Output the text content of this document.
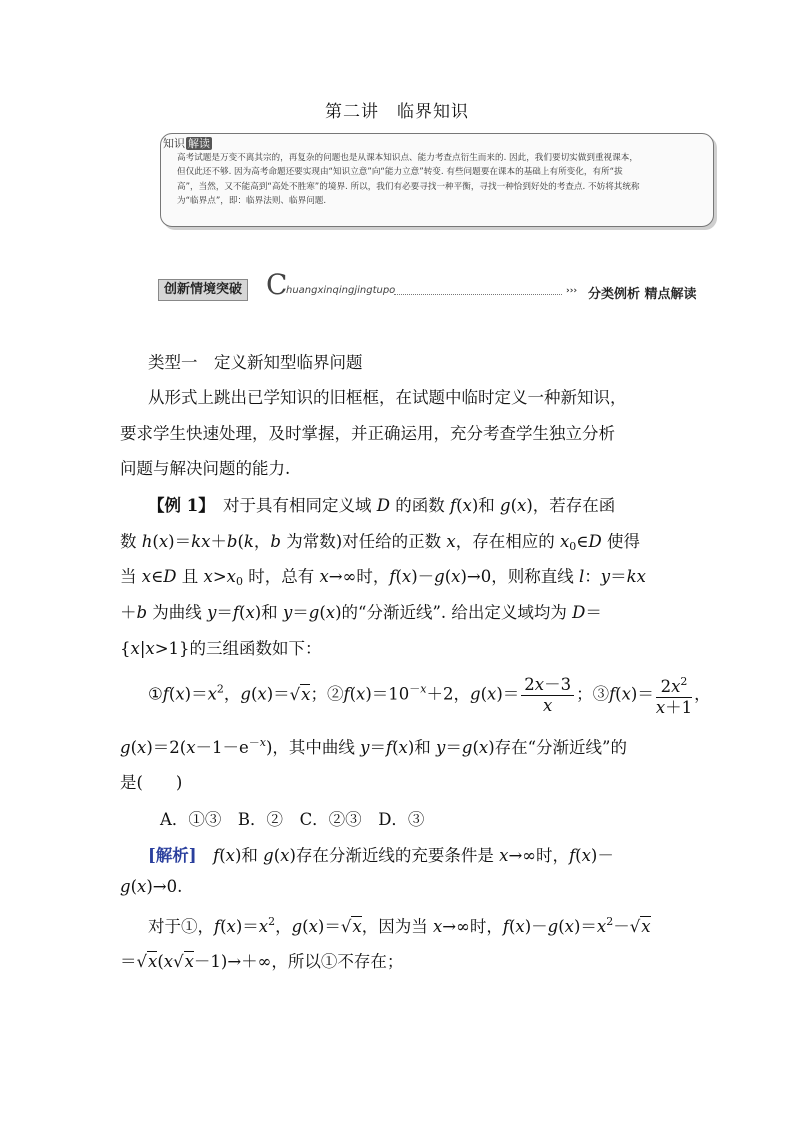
第二讲　临界知识
知识 解读
高考试题是万变不离其宗的，再复杂的问题也是从课本知识点、能力考查点衍生而来的. 因此，我们要切实做到重视课本，
但仅此还不够. 因为高考命题还要实现由“知识立意”向“能力立意”转变. 有些问题要在课本的基础上有所变化，有所“拔
高”，当然，又不能高到“高处不胜寒”的境界. 所以，我们有必要寻找一种平衡，寻找一种恰到好处的考查点. 不妨将其统称
为“临界点”，即：临界法则、临界问题.
创新情境突破 C
huangxinqingjingtupo	››› 分类例析 精点解读
类型一　定义新知型临界问题
从形式上跳出已学知识的旧框框，在试题中临时定义一种新知识，
要求学生快速处理，及时掌握，并正确运用，充分考查学生独立分析
问题与解决问题的能力.
【例 1】　对于具有相同定义域 D 的函数 f(x)和 g(x)，若存在函
数 h(x)＝kx＋b(k，b 为常数)对任给的正数 x，存在相应的 $x_0\in D$ 使得
当 x∈D 且 $x>x_0$ 时，总有 x→∞时，f(x)－g(x)→0，则称直线 l：y＝kx
＋b 为曲线 y＝f(x)和 y＝g(x)的“分渐近线”. 给出定义域均为 D＝
{x|x>1}的三组函数如下：
$①f(x)=x^2$，g(x)＝√x；$②f(x)=10^{-x}+2$，$g(x)= \frac{2x-3}{x}$ ；③f(x)＝ $\frac{2x^2}{x+1}$ ，
$g(x)=2(x-1-e^{-x})$，其中曲线 y＝f(x)和 y＝g(x)存在“分渐近线”的
是(　　)
A．①③　 B．②　 C．②③　 D．③
[解析]　 f(x)和 g(x)存在分渐近线的充要条件是 x→∞时，f(x)－
g(x)→0.
对于①，$f(x)=x^2$，g(x)＝√x，因为当 x→∞时，$f(x)-g(x)=x^2-√x$
＝√x(x√x－1)→＋∞，所以①不存在；
